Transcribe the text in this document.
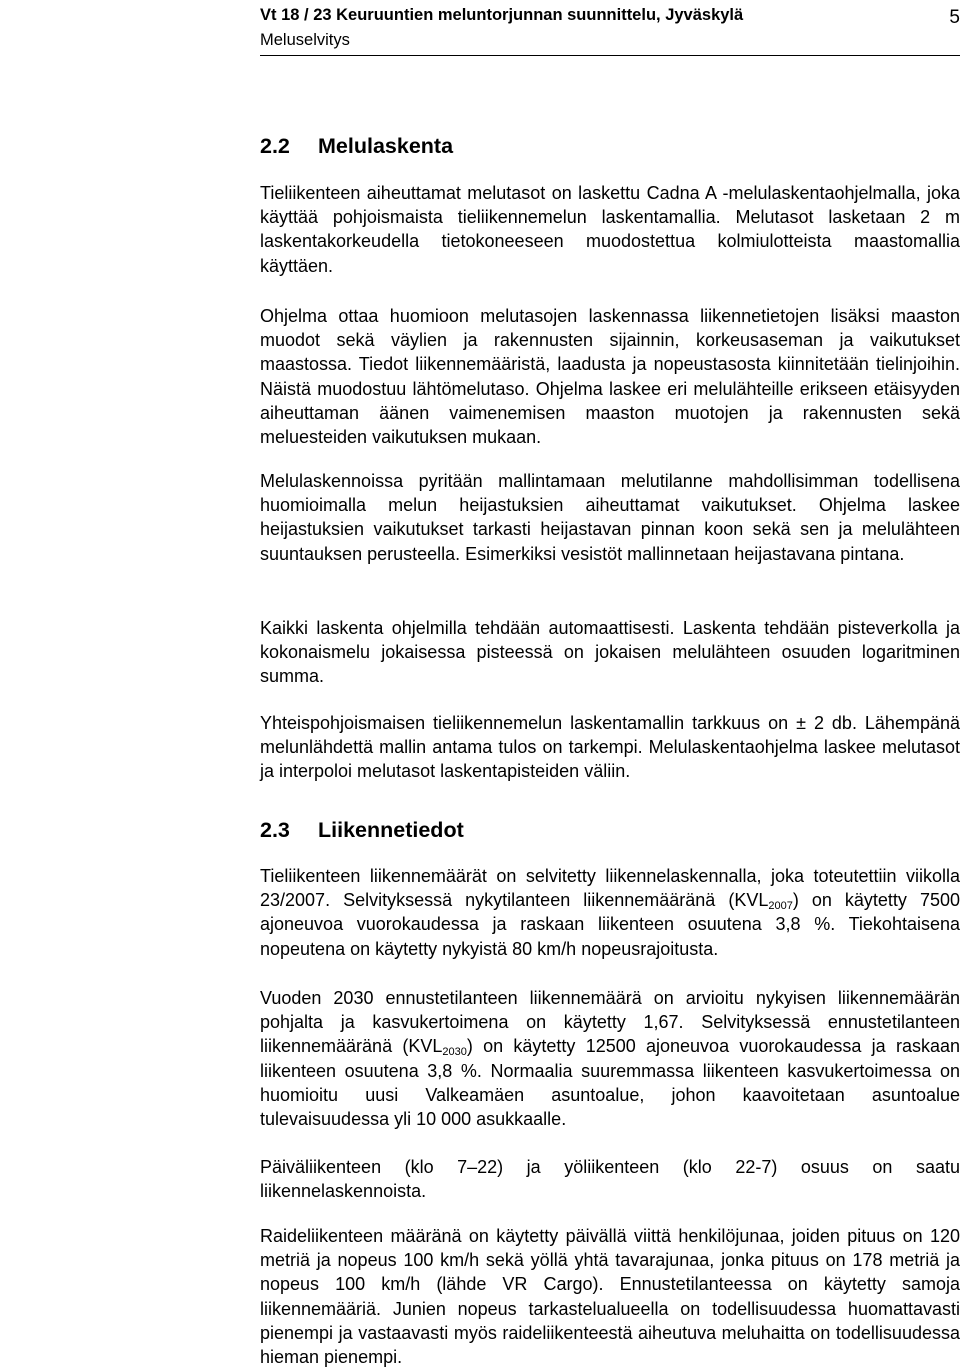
Vt 18 / 23 Keuruuntien meluntorjunnan suunnittelu, Jyväskylä
Meluselvitys
5
2.2 Melulaskenta

Tieliikenteen aiheuttamat melutasot on laskettu Cadna A -melulaskentaohjelmalla, joka käyttää pohjoismaista tieliikennemelun laskentamallia. Melutasot lasketaan 2 m laskentakorkeudella tietokoneeseen muodostettua kolmiulotteista maastomallia käyttäen.

Ohjelma ottaa huomioon melutasojen laskennassa liikennetietojen lisäksi maaston muodot sekä väylien ja rakennusten sijainnin, korkeusaseman ja vaikutukset maastossa. Tiedot liikennemääristä, laadusta ja nopeustasosta kiinnitetään tielinjoihin. Näistä muodostuu lähtömelutaso. Ohjelma laskee eri melulähteille erikseen etäisyyden aiheuttaman äänen vaimenemisen maaston muotojen ja rakennusten sekä meluesteiden vaikutuksen mukaan.

Melulaskennoissa pyritään mallintamaan melutilanne mahdollisimman todellisena huomioimalla melun heijastuksien aiheuttamat vaikutukset. Ohjelma laskee heijastuksien vaikutukset tarkasti heijastavan pinnan koon sekä sen ja melulähteen suuntauksen perusteella. Esimerkiksi vesistöt mallinnetaan heijastavana pintana.

Kaikki laskenta ohjelmilla tehdään automaattisesti. Laskenta tehdään pisteverkolla ja kokonaismelu jokaisessa pisteessä on jokaisen melulähteen osuuden logaritminen summa.

Yhteispohjoismaisen tieliikennemelun laskentamallin tarkkuus on ± 2 db. Lähempänä melunlähdettä mallin antama tulos on tarkempi. Melulaskentaohjelma laskee melutasot ja interpoloi melutasot laskentapisteiden väliin.

2.3 Liikennetiedot

Tieliikenteen liikennemäärät on selvitetty liikennelaskennalla, joka toteutettiin viikolla 23/2007. Selvityksessä nykytilanteen liikennemääränä $(KVL_{2007})$ on käytetty 7500 ajoneuvoa vuorokaudessa ja raskaan liikenteen osuutena 3,8 %. Tiekohtaisena nopeutena on käytetty nykyistä 80 km/h nopeusrajoitusta.

Vuoden 2030 ennustetilanteen liikennemäärä on arvioitu nykyisen liikennemäärän pohjalta ja kasvukertoimena on käytetty 1,67. Selvityksessä ennustetilanteen liikennemääränä $(KVL_{2030})$ on käytetty 12500 ajoneuvoa vuorokaudessa ja raskaan liikenteen osuutena 3,8 %. Normaalia suuremmassa liikenteen kasvukertoimessa on huomioitu uusi Valkeamäen asuntoalue, johon kaavoitetaan asuntoalue tulevaisuudessa yli 10 000 asukkaalle.

Päiväliikenteen (klo 7–22) ja yöliikenteen (klo 22-7) osuus on saatu liikennelaskennoista.

Raideliikenteen määränä on käytetty päivällä viittä henkilöjunaa, joiden pituus on 120 metriä ja nopeus 100 km/h sekä yöllä yhtä tavarajunaa, jonka pituus on 178 metriä ja nopeus 100 km/h (lähde VR Cargo). Ennustetilanteessa on käytetty samoja liikennemääriä. Junien nopeus tarkastelualueella on todellisuudessa huomattavasti pienempi ja vastaavasti myös raideliikenteestä aiheutuva meluhaitta on todellisuudessa hieman pienempi.
